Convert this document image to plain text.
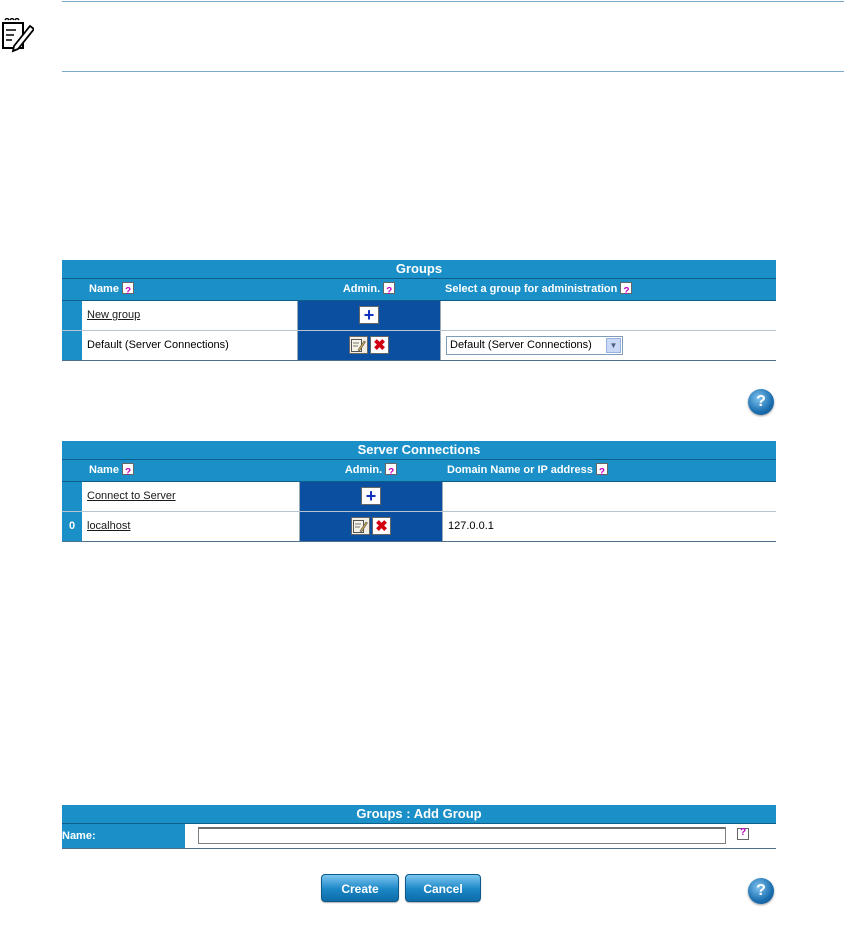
Groups
Name ?	Admin. ?	Select a group for administration?
New group	+
Default (Server Connections)	✖	Default (Server Connections)	▼
?
Server Connections
Name ?	Admin. ?	Domain Name or IP address?
Connect to Server	+
0	localhost	✖	127.0.0.1
Groups : Add Group
Name:
?
Create	Cancel	?
